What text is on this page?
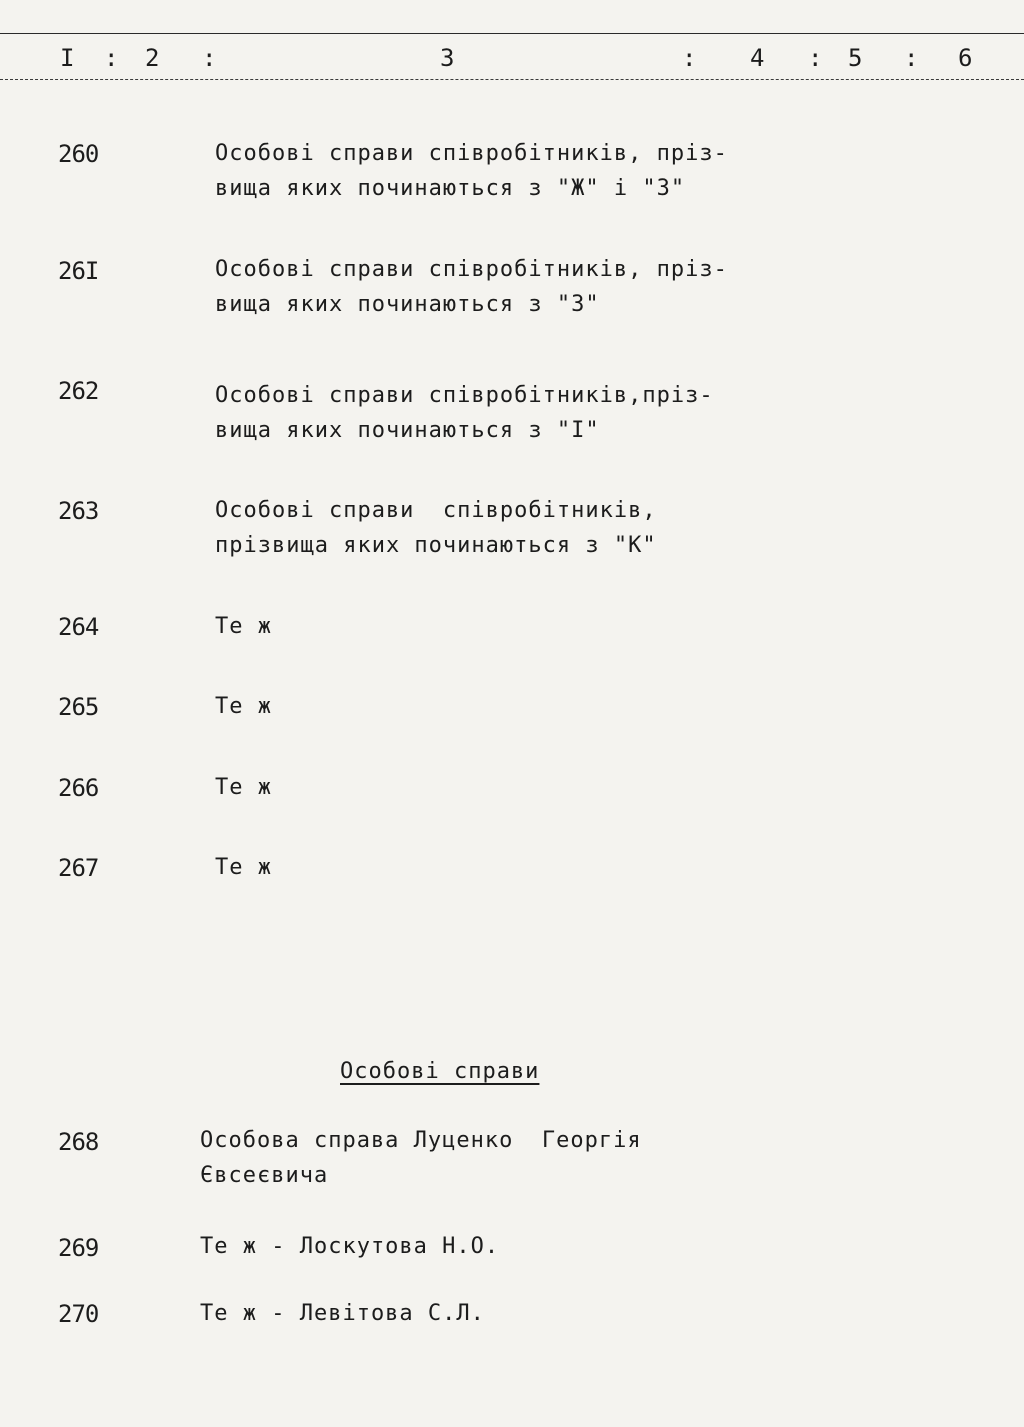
I : 2 :	3	: 4 : 5 : 6
260	Особові справи співробітників, пріз-
вища яких починаються з "Ж" і "З"
26I	Особові справи співробітників, пріз-
вища яких починаються з "З"
262	Особові справи співробітників,пріз-
вища яких починаються з "I"
263	Особові справи  співробітників,
прізвища яких починаються з "К"
264	Те ж
265	Те ж
266	Те ж
267	Те ж
Особові справи
268	Особова справа Луценко  Георгія
Євсеєвича
269	Те ж - Лоскутова Н.О.
270	Те ж - Левітова С.Л.
